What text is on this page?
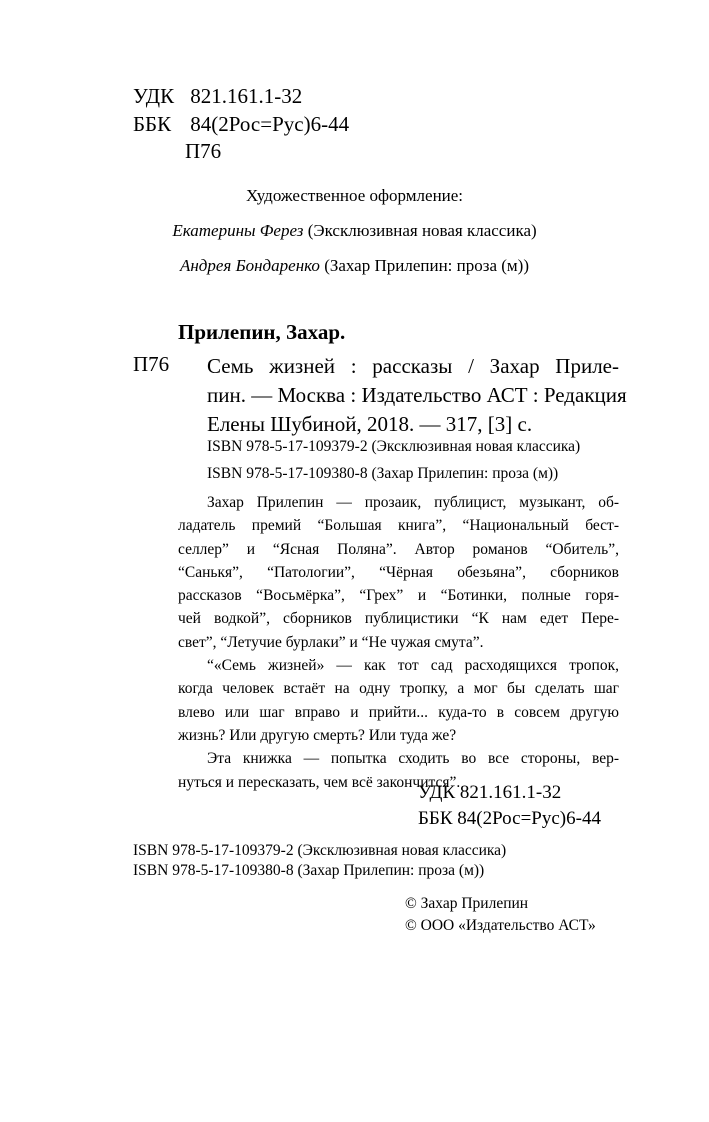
УДК 821.161.1-32
ББК 84(2Рос=Рус)6-44
П76
Художественное оформление:
Екатерины Ферез (Эксклюзивная новая классика)
Андрея Бондаренко (Захар Прилепин: проза (м))
Прилепин, Захар.
П76 Семь жизней : рассказы / Захар Приле-
пин. — Москва : Издательство АСТ : Редакция
Елены Шубиной, 2018. — 317, [3] с.
ISBN 978-5-17-109379-2 (Эксклюзивная новая классика)
ISBN 978-5-17-109380-8 (Захар Прилепин: проза (м))
Захар Прилепин — прозаик, публицист, музыкант, об-
ладатель премий “Большая книга”, “Национальный бест-
селлер” и “Ясная Поляна”. Автор романов “Обитель”,
“Санькя”, “Патологии”, “Чёрная обезьяна”, сборников
рассказов “Восьмёрка”, “Грех” и “Ботинки, полные горя-
чей водкой”, сборников публицистики “К нам едет Пере-
свет”, “Летучие бурлаки” и “Не чужая смута”.
“«Семь жизней» — как тот сад расходящихся тропок,
когда человек встаёт на одну тропку, а мог бы сделать шаг
влево или шаг вправо и прийти... куда-то в совсем другую
жизнь? Или другую смерть? Или туда же?
Эта книжка — попытка сходить во все стороны, вер-
нуться и пересказать, чем всё закончится”.
УДК 821.161.1-32
ББК 84(2Рос=Рус)6-44
ISBN 978-5-17-109379-2 (Эксклюзивная новая классика)
ISBN 978-5-17-109380-8 (Захар Прилепин: проза (м))
© Захар Прилепин
© ООО «Издательство АСТ»
